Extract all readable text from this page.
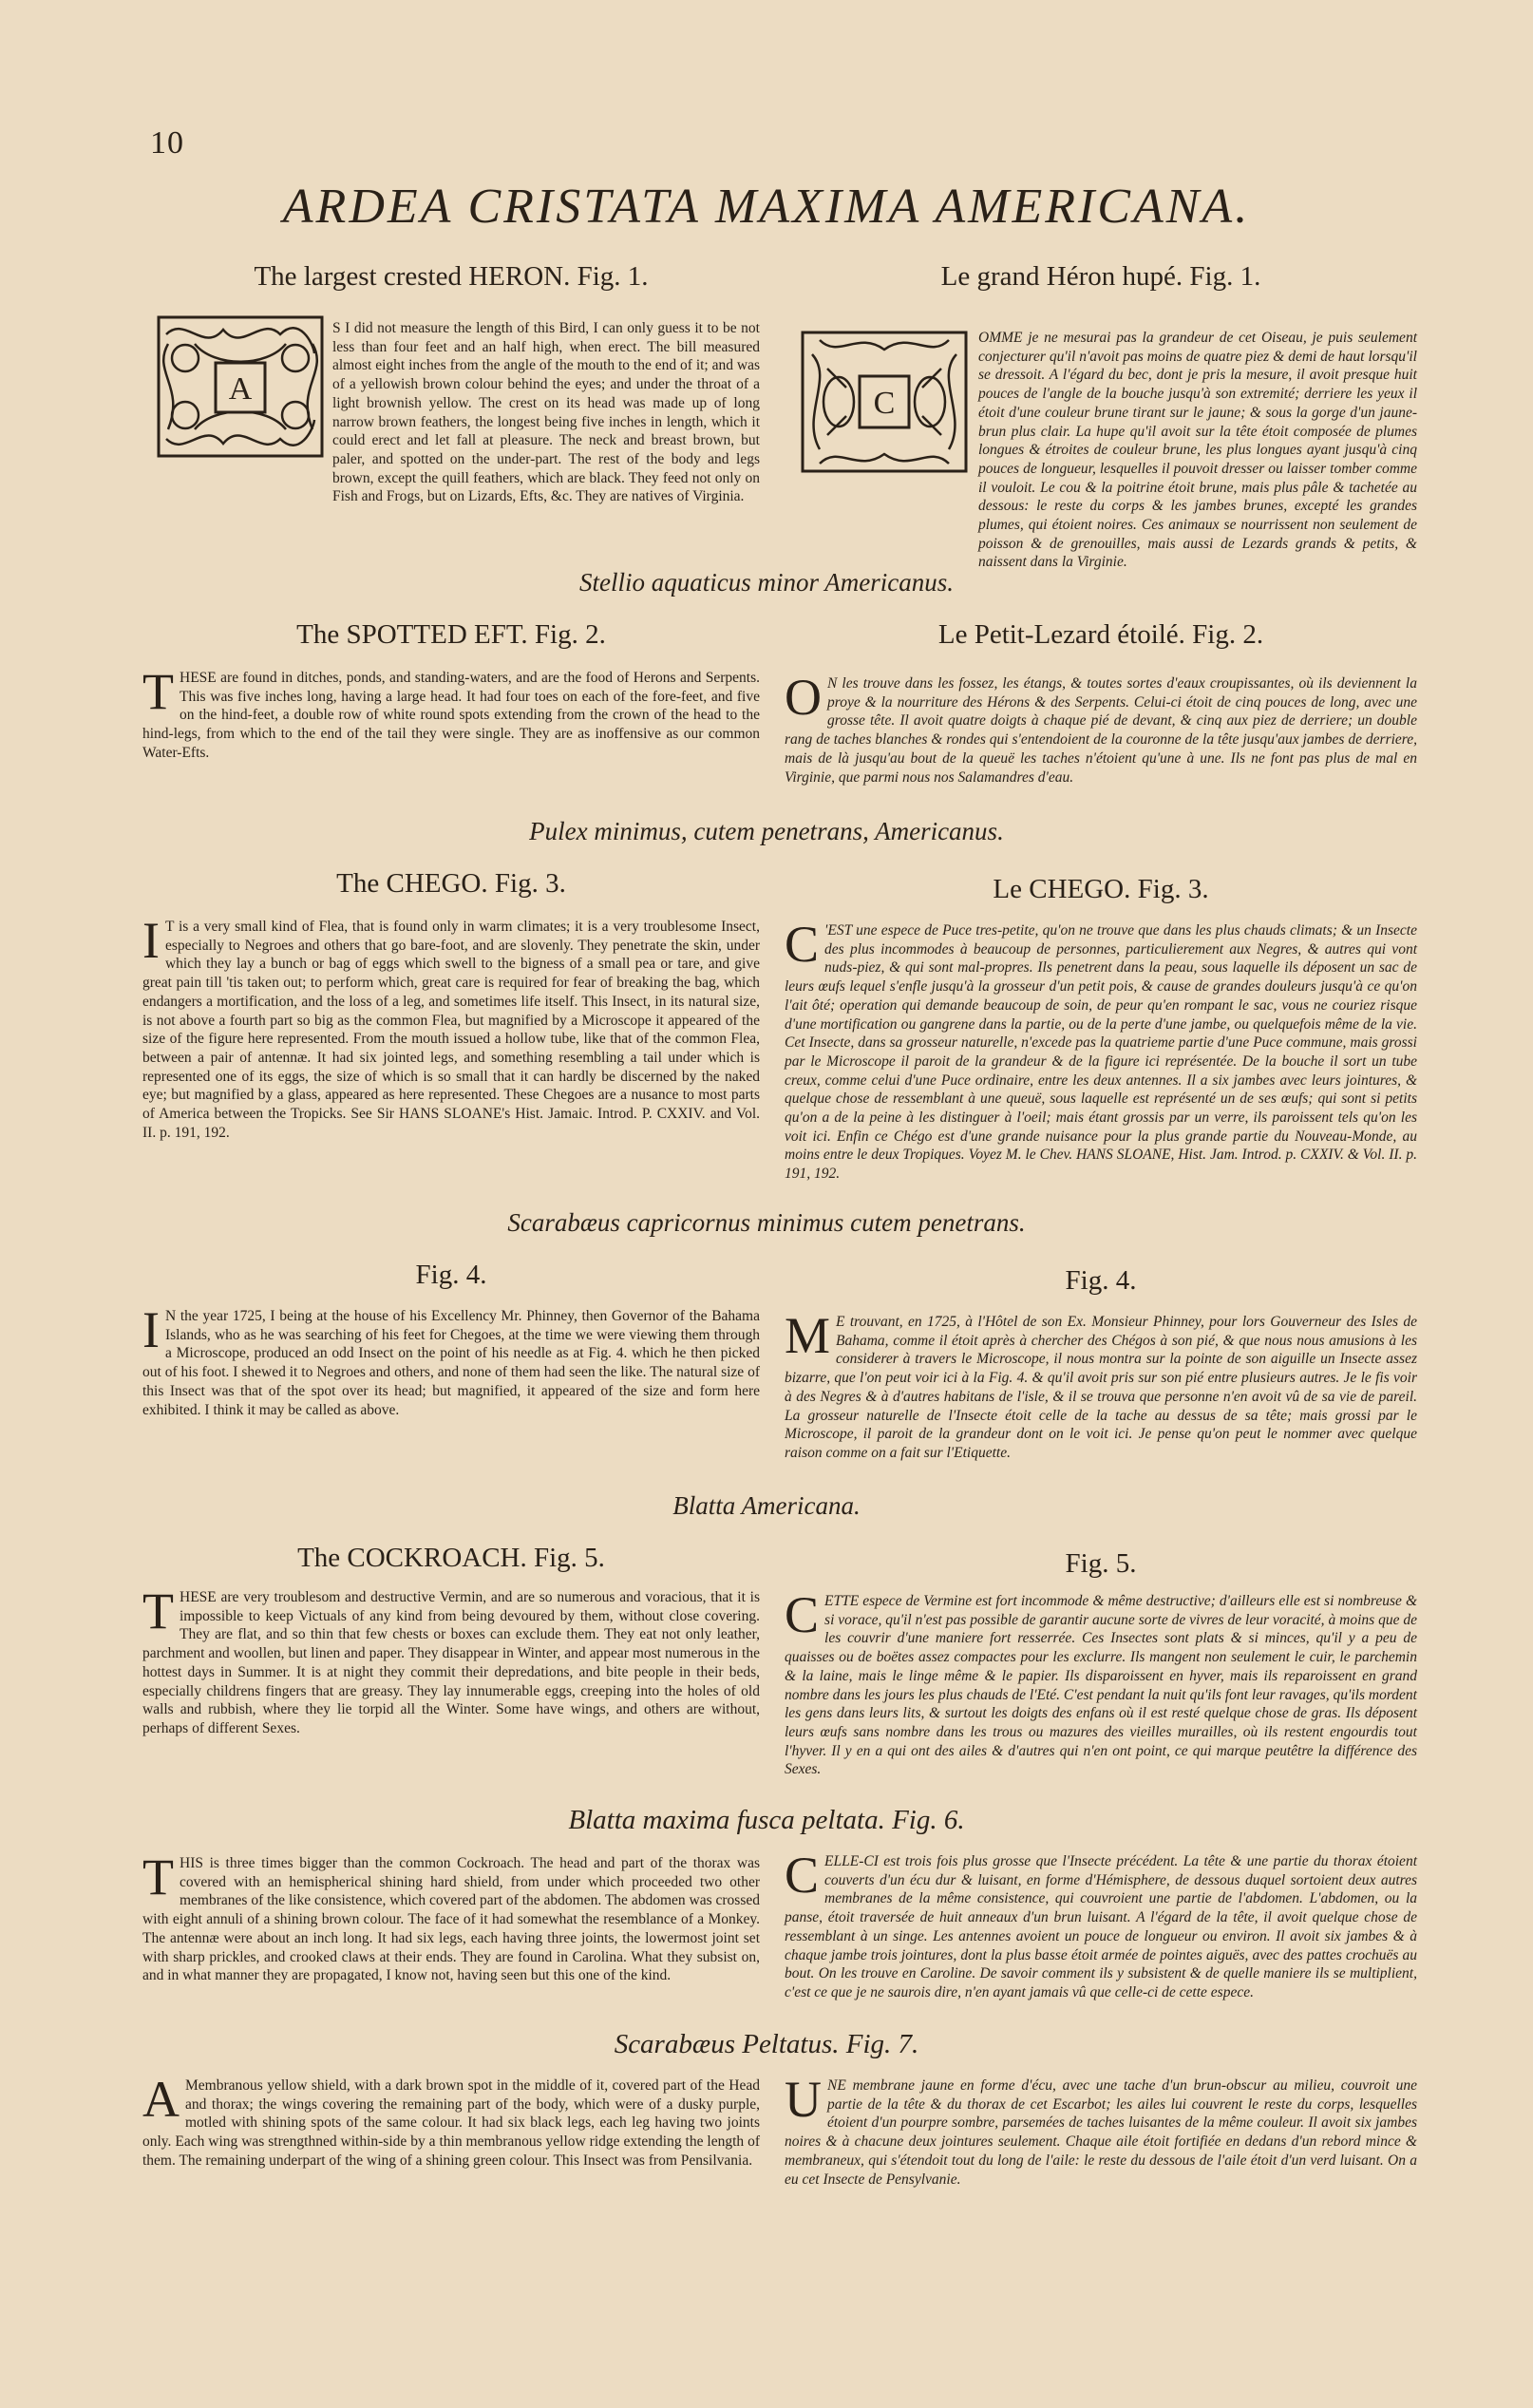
10
ARDEA CRISTATA MAXIMA AMERICANA.
The largest crested HERON. Fig. 1.	Le grand Héron hupé. Fig. 1.
A
S I did not measure the length of this Bird, I can only guess it to be not less than four feet and an half high, when erect. The bill measured almost eight inches from the angle of the mouth to the end of it; and was of a yellowish brown colour behind the eyes; and under the throat of a light brownish yellow. The crest on its head was made up of long narrow brown feathers, the longest being five inches in length, which it could erect and let fall at pleasure. The neck and breast brown, but paler, and spotted on the under-part. The rest of the body and legs brown, except the quill feathers, which are black. They feed not only on Fish and Frogs, but on Lizards, Efts, &c. They are natives of Virginia.
C
OMME je ne mesurai pas la grandeur de cet Oiseau, je puis seulement conjecturer qu'il n'avoit pas moins de quatre piez & demi de haut lorsqu'il se dressoit. A l'égard du bec, dont je pris la mesure, il avoit presque huit pouces de l'angle de la bouche jusqu'à son extremité; derriere les yeux il étoit d'une couleur brune tirant sur le jaune; & sous la gorge d'un jaune-brun plus clair. La hupe qu'il avoit sur la tête étoit composée de plumes longues & étroites de couleur brune, les plus longues ayant jusqu'à cinq pouces de longueur, lesquelles il pouvoit dresser ou laisser tomber comme il vouloit. Le cou & la poitrine étoit brune, mais plus pâle & tachetée au dessous: le reste du corps & les jambes brunes, excepté les grandes plumes, qui étoient noires. Ces animaux se nourrissent non seulement de poisson & de grenouilles, mais aussi de Lezards grands & petits, & naissent dans la Virginie.
Stellio aquaticus minor Americanus.
The SPOTTED EFT. Fig. 2.	Le Petit-Lezard étoilé. Fig. 2.
THESE are found in ditches, ponds, and standing-waters, and are the food of Herons and Serpents. This was five inches long, having a large head. It had four toes on each of the fore-feet, and five on the hind-feet, a double row of white round spots extending from the crown of the head to the hind-legs, from which to the end of the tail they were single. They are as inoffensive as our common Water-Efts.
O N les trouve dans les fossez, les étangs, & toutes sortes d'eaux croupissantes, où ils deviennent la proye & la nourriture des Hérons & des Serpents. Celui-ci étoit de cinq pouces de long, avec une grosse tête. Il avoit quatre doigts à chaque pié de devant, & cinq aux piez de derriere; un double rang de taches blanches & rondes qui s'entendoient de la couronne de la tête jusqu'aux jambes de derriere, mais de là jusqu'au bout de la queuë les taches n'étoient qu'une à une. Ils ne font pas plus de mal en Virginie, que parmi nous nos Salamandres d'eau.
Pulex minimus, cutem penetrans, Americanus.
The CHEGO. Fig. 3.	Le CHEGO. Fig. 3.
I T is a very small kind of Flea, that is found only in warm climates; it is a very troublesome Insect, especially to Negroes and others that go bare-foot, and are slovenly. They penetrate the skin, under which they lay a bunch or bag of eggs which swell to the bigness of a small pea or tare, and give great pain till 'tis taken out; to perform which, great care is required for fear of breaking the bag, which endangers a mortification, and the loss of a leg, and sometimes life itself. This Insect, in its natural size, is not above a fourth part so big as the common Flea, but magnified by a Microscope it appeared of the size of the figure here represented. From the mouth issued a hollow tube, like that of the common Flea, between a pair of antennæ. It had six jointed legs, and something resembling a tail under which is represented one of its eggs, the size of which is so small that it can hardly be discerned by the naked eye; but magnified by a glass, appeared as here represented. These Chegoes are a nusance to most parts of America between the Tropicks. See Sir HANS SLOANE's Hist. Jamaic. Introd. P. CXXIV. and Vol. II. p. 191, 192.
C 'EST une espece de Puce tres-petite, qu'on ne trouve que dans les plus chauds climats; & un Insecte des plus incommodes à beaucoup de personnes, particulierement aux Negres, & autres qui vont nuds-piez, & qui sont mal-propres. Ils penetrent dans la peau, sous laquelle ils déposent un sac de leurs œufs lequel s'enfle jusqu'à la grosseur d'un petit pois, & cause de grandes douleurs jusqu'à ce qu'on l'ait ôté; operation qui demande beaucoup de soin, de peur qu'en rompant le sac, vous ne couriez risque d'une mortification ou gangrene dans la partie, ou de la perte d'une jambe, ou quelquefois même de la vie. Cet Insecte, dans sa grosseur naturelle, n'excede pas la quatrieme partie d'une Puce commune, mais grossi par le Microscope il paroit de la grandeur & de la figure ici représentée. De la bouche il sort un tube creux, comme celui d'une Puce ordinaire, entre les deux antennes. Il a six jambes avec leurs jointures, & quelque chose de ressemblant à une queuë, sous laquelle est représenté un de ses œufs; qui sont si petits qu'on a de la peine à les distinguer à l'oeil; mais étant grossis par un verre, ils paroissent tels qu'on les voit ici. Enfin ce Chégo est d'une grande nuisance pour la plus grande partie du Nouveau-Monde, au moins entre le deux Tropiques. Voyez M. le Chev. HANS SLOANE, Hist. Jam. Introd. p. CXXIV. & Vol. II. p. 191, 192.
Scarabæus capricornus minimus cutem penetrans.
Fig. 4.	Fig. 4.
I N the year 1725, I being at the house of his Excellency Mr. Phinney, then Governor of the Bahama Islands, who as he was searching of his feet for Chegoes, at the time we were viewing them through a Microscope, produced an odd Insect on the point of his needle as at Fig. 4. which he then picked out of his foot. I shewed it to Negroes and others, and none of them had seen the like. The natural size of this Insect was that of the spot over its head; but magnified, it appeared of the size and form here exhibited. I think it may be called as above.
M E trouvant, en 1725, à l'Hôtel de son Ex. Monsieur Phinney, pour lors Gouverneur des Isles de Bahama, comme il étoit après à chercher des Chégos à son pié, & que nous nous amusions à les considerer à travers le Microscope, il nous montra sur la pointe de son aiguille un Insecte assez bizarre, que l'on peut voir ici à la Fig. 4. & qu'il avoit pris sur son pié entre plusieurs autres. Je le fis voir à des Negres & à d'autres habitans de l'isle, & il se trouva que personne n'en avoit vû de sa vie de pareil. La grosseur naturelle de l'Insecte étoit celle de la tache au dessus de sa tête; mais grossi par le Microscope, il paroit de la grandeur dont on le voit ici. Je pense qu'on peut le nommer avec quelque raison comme on a fait sur l'Etiquette.
Blatta Americana.
The COCKROACH. Fig. 5.	Fig. 5.
THESE are very troublesom and destructive Vermin, and are so numerous and voracious, that it is impossible to keep Victuals of any kind from being devoured by them, without close covering. They are flat, and so thin that few chests or boxes can exclude them. They eat not only leather, parchment and woollen, but linen and paper. They disappear in Winter, and appear most numerous in the hottest days in Summer. It is at night they commit their depredations, and bite people in their beds, especially childrens fingers that are greasy. They lay innumerable eggs, creeping into the holes of old walls and rubbish, where they lie torpid all the Winter. Some have wings, and others are without, perhaps of different Sexes.
CETTE espece de Vermine est fort incommode & même destructive; d'ailleurs elle est si nombreuse & si vorace, qu'il n'est pas possible de garantir aucune sorte de vivres de leur voracité, à moins que de les couvrir d'une maniere fort resserrée. Ces Insectes sont plats & si minces, qu'il y a peu de quaisses ou de boëtes assez compactes pour les exclurre. Ils mangent non seulement le cuir, le parchemin & la laine, mais le linge même & le papier. Ils disparoissent en hyver, mais ils reparoissent en grand nombre dans les jours les plus chauds de l'Eté. C'est pendant la nuit qu'ils font leur ravages, qu'ils mordent les gens dans leurs lits, & surtout les doigts des enfans où il est resté quelque chose de gras. Ils déposent leurs œufs sans nombre dans les trous ou mazures des vieilles murailles, où ils restent engourdis tout l'hyver. Il y en a qui ont des ailes & d'autres qui n'en ont point, ce qui marque peutêtre la différence des Sexes.
Blatta maxima fusca peltata. Fig. 6.
THIS is three times bigger than the common Cockroach. The head and part of the thorax was covered with an hemispherical shining hard shield, from under which proceeded two other membranes of the like consistence, which covered part of the abdomen. The abdomen was crossed with eight annuli of a shining brown colour. The face of it had somewhat the resemblance of a Monkey. The antennæ were about an inch long. It had six legs, each having three joints, the lowermost joint set with sharp prickles, and crooked claws at their ends. They are found in Carolina. What they subsist on, and in what manner they are propagated, I know not, having seen but this one of the kind.
CELLE-CI est trois fois plus grosse que l'Insecte précédent. La tête & une partie du thorax étoient couverts d'un écu dur & luisant, en forme d'Hémisphere, de dessous duquel sortoient deux autres membranes de la même consistence, qui couvroient une partie de l'abdomen. L'abdomen, ou la panse, étoit traversée de huit anneaux d'un brun luisant. A l'égard de la tête, il avoit quelque chose de ressemblant à un singe. Les antennes avoient un pouce de longueur ou environ. Il avoit six jambes & à chaque jambe trois jointures, dont la plus basse étoit armée de pointes aiguës, avec des pattes crochuës au bout. On les trouve en Caroline. De savoir comment ils y subsistent & de quelle maniere ils se multiplient, c'est ce que je ne saurois dire, n'en ayant jamais vû que celle-ci de cette espece.
Scarabæus Peltatus. Fig. 7.
A Membranous yellow shield, with a dark brown spot in the middle of it, covered part of the Head and thorax; the wings covering the remaining part of the body, which were of a dusky purple, motled with shining spots of the same colour. It had six black legs, each leg having two joints only. Each wing was strengthned within-side by a thin membranous yellow ridge extending the length of them. The remaining underpart of the wing of a shining green colour. This Insect was from Pensilvania.
UNE membrane jaune en forme d'écu, avec une tache d'un brun-obscur au milieu, couvroit une partie de la tête & du thorax de cet Escarbot; les ailes lui couvrent le reste du corps, lesquelles étoient d'un pourpre sombre, parsemées de taches luisantes de la même couleur. Il avoit six jambes noires & à chacune deux jointures seulement. Chaque aile étoit fortifiée en dedans d'un rebord mince & membraneux, qui s'étendoit tout du long de l'aile: le reste du dessous de l'aile étoit d'un verd luisant. On a eu cet Insecte de Pensylvanie.
